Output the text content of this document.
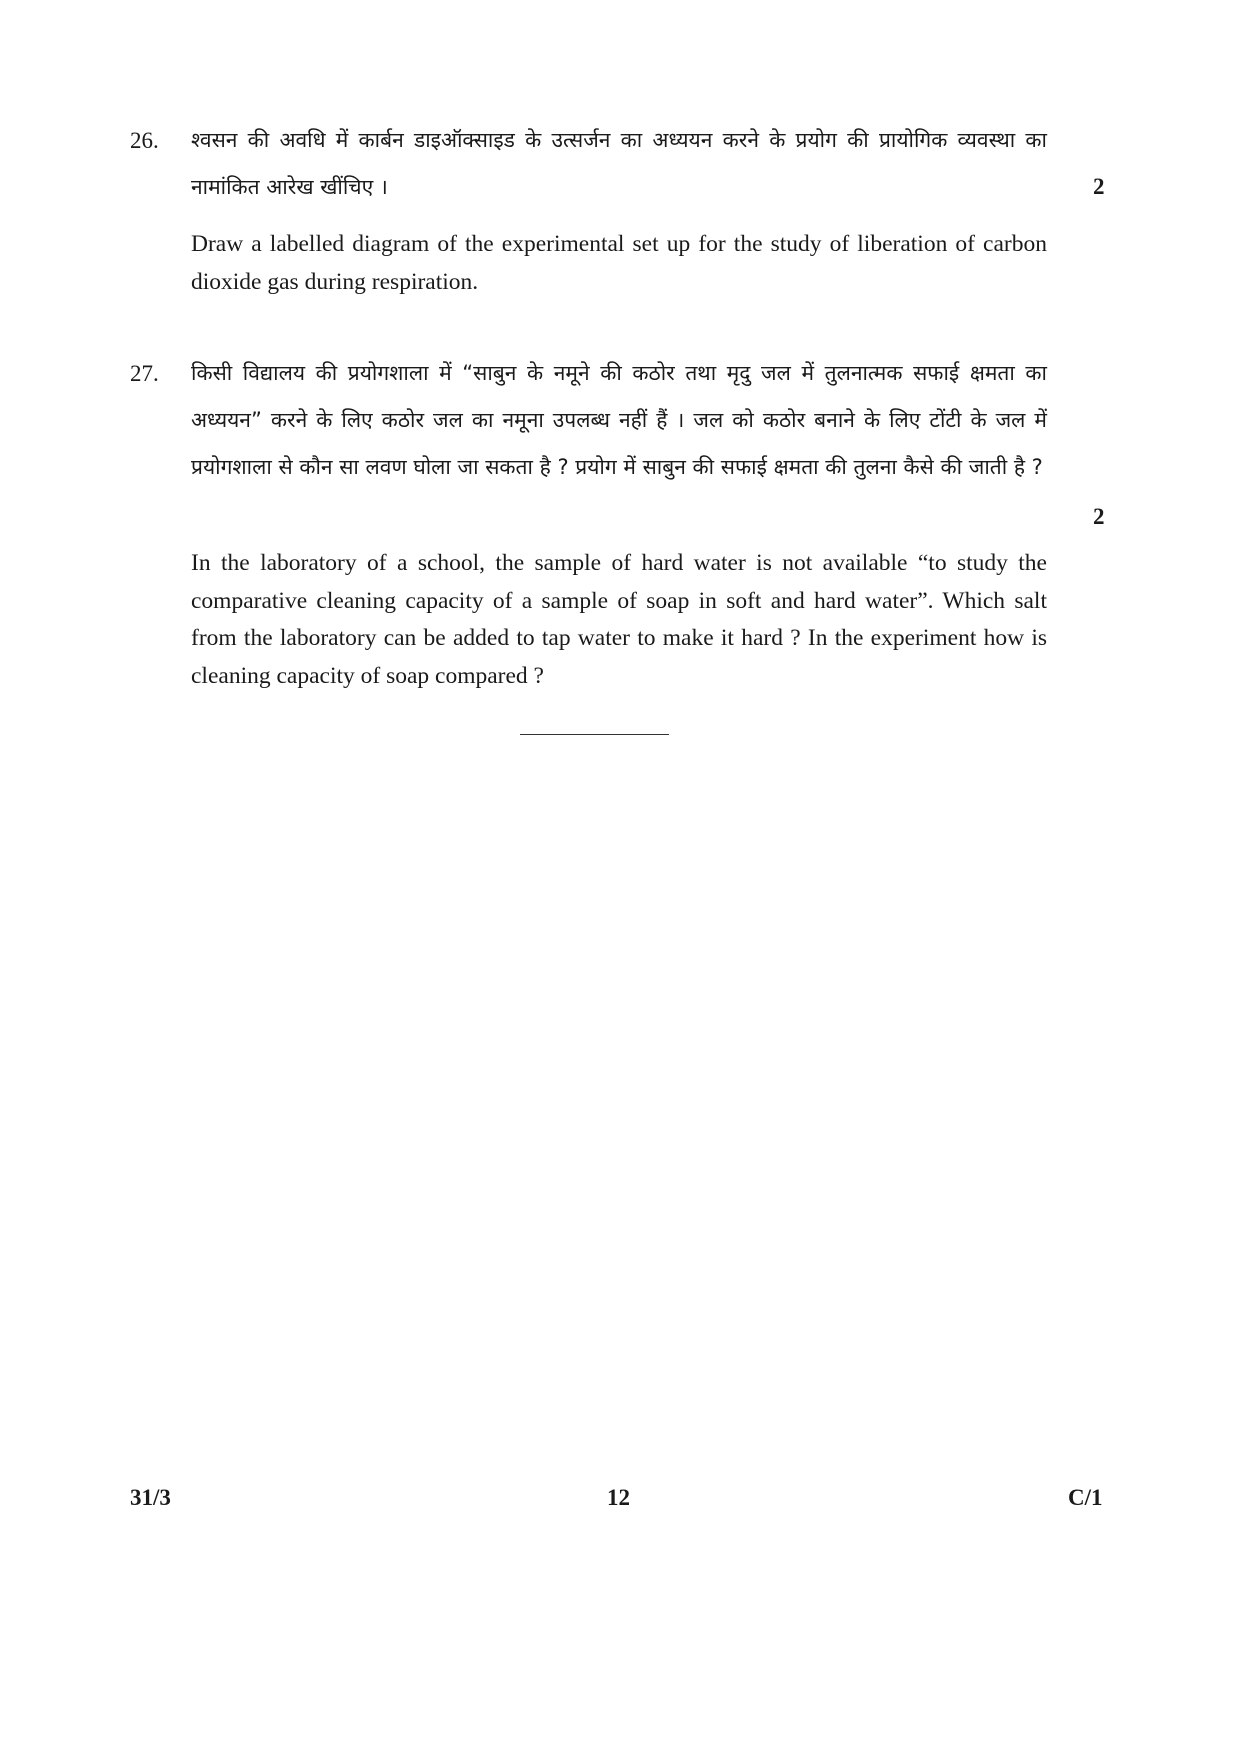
26. श्वसन की अवधि में कार्बन डाइऑक्साइड के उत्सर्जन का अध्ययन करने के प्रयोग की प्रायोगिक व्यवस्था का नामांकित आरेख खींचिए ।	2
Draw a labelled diagram of the experimental set up for the study of liberation of carbon dioxide gas during respiration.
27. किसी विद्यालय की प्रयोगशाला में “साबुन के नमूने की कठोर तथा मृदु जल में तुलनात्मक सफाई क्षमता का अध्ययन” करने के लिए कठोर जल का नमूना उपलब्ध नहीं हैं । जल को कठोर बनाने के लिए टोंटी के जल में प्रयोगशाला से कौन सा लवण घोला जा सकता है ? प्रयोग में साबुन की सफाई क्षमता की तुलना कैसे की जाती है ?
2
In the laboratory of a school, the sample of hard water is not available “to study the comparative cleaning capacity of a sample of soap in soft and hard water”. Which salt from the laboratory can be added to tap water to make it hard ? In the experiment how is cleaning capacity of soap compared ?
31/3	12	C/1
